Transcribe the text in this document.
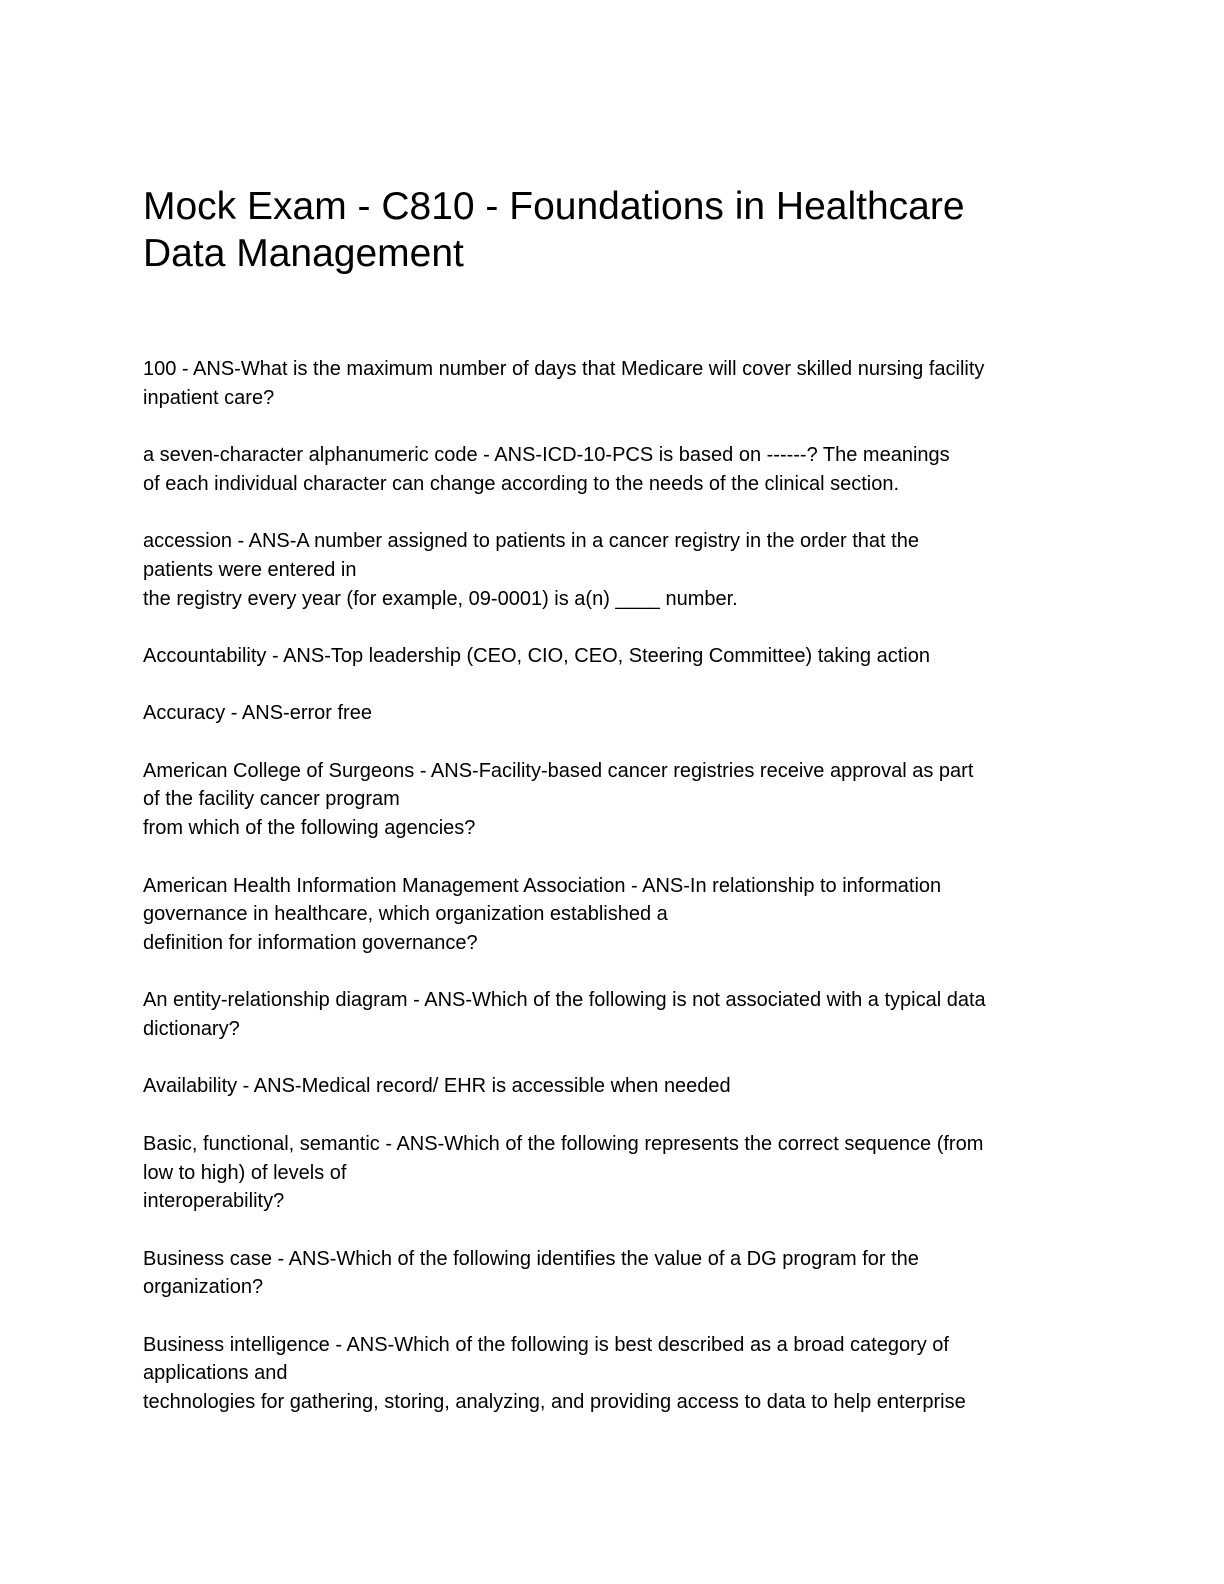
Mock Exam - C810 - Foundations in Healthcare
Data Management
100 - ANS-What is the maximum number of days that Medicare will cover skilled nursing facility
inpatient care?
a seven-character alphanumeric code - ANS-ICD-10-PCS is based on ------? The meanings
of each individual character can change according to the needs of the clinical section.
accession - ANS-A number assigned to patients in a cancer registry in the order that the
patients were entered in
the registry every year (for example, 09-0001) is a(n) ____ number.
Accountability - ANS-Top leadership (CEO, CIO, CEO, Steering Committee) taking action
Accuracy - ANS-error free
American College of Surgeons - ANS-Facility-based cancer registries receive approval as part
of the facility cancer program
from which of the following agencies?
American Health Information Management Association - ANS-In relationship to information
governance in healthcare, which organization established a
definition for information governance?
An entity-relationship diagram - ANS-Which of the following is not associated with a typical data
dictionary?
Availability - ANS-Medical record/ EHR is accessible when needed
Basic, functional, semantic - ANS-Which of the following represents the correct sequence (from
low to high) of levels of
interoperability?
Business case - ANS-Which of the following identifies the value of a DG program for the
organization?
Business intelligence - ANS-Which of the following is best described as a broad category of
applications and
technologies for gathering, storing, analyzing, and providing access to data to help enterprise
